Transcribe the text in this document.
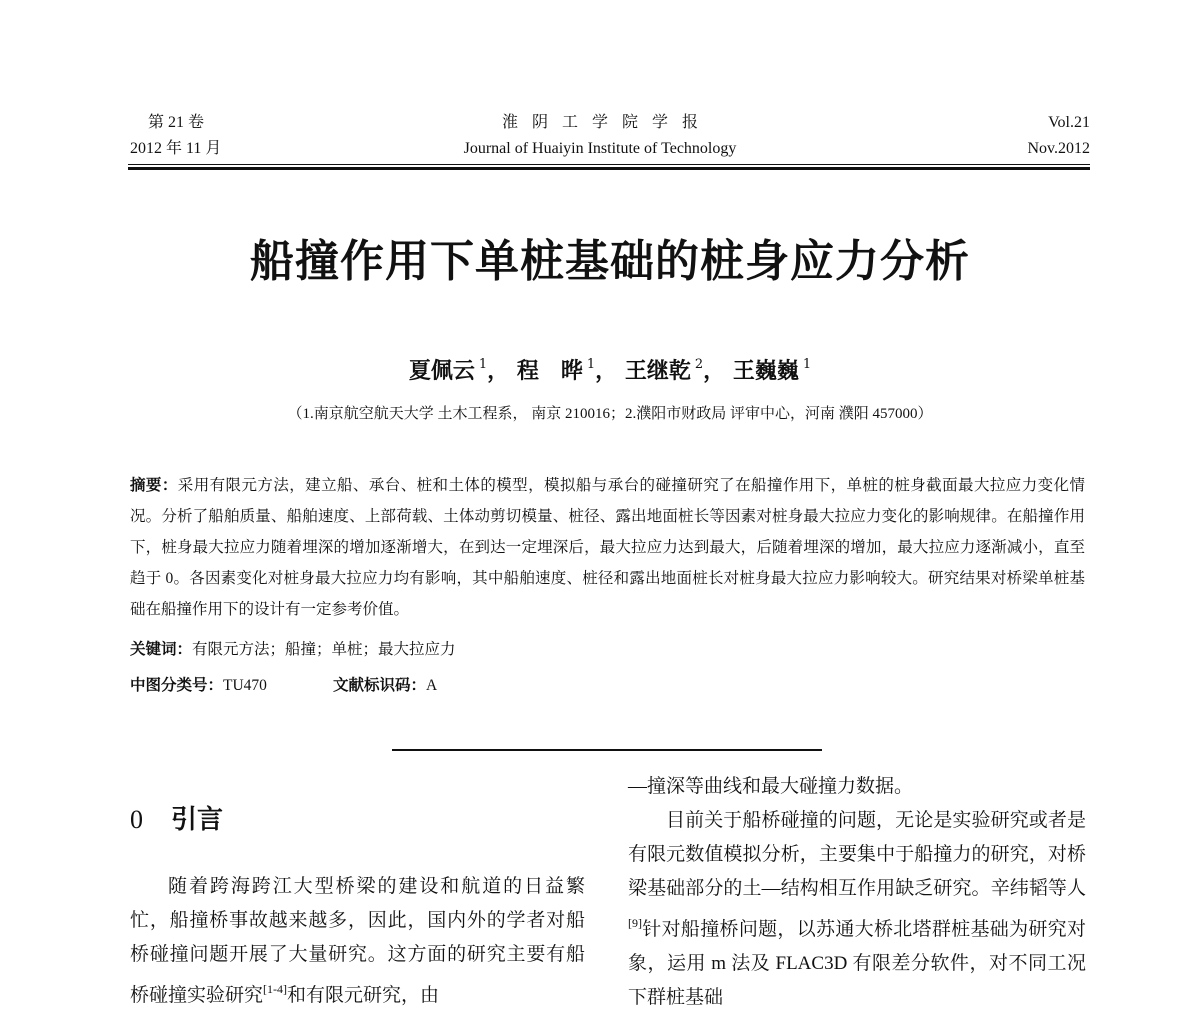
第 21 卷
2012 年 11 月
淮阴工学院学报
Journal of Huaiyin Institute of Technology
Vol.21
Nov.2012
船撞作用下单桩基础的桩身应力分析
夏佩云 $^1$， 程　晔 $^1$， 王继乾 $^2$， 王巍巍 $^1$
（1.南京航空航天大学 土木工程系， 南京 210016；2.濮阳市财政局 评审中心，河南 濮阳 457000）
摘要：采用有限元方法，建立船、承台、桩和土体的模型，模拟船与承台的碰撞研究了在船撞作用下，单桩的桩身截面最大拉应力变化情况。分析了船舶质量、船舶速度、上部荷载、土体动剪切模量、桩径、露出地面桩长等因素对桩身最大拉应力变化的影响规律。在船撞作用下，桩身最大拉应力随着埋深的增加逐渐增大，在到达一定埋深后，最大拉应力达到最大，后随着埋深的增加，最大拉应力逐渐减小，直至趋于 0。各因素变化对桩身最大拉应力均有影响，其中船舶速度、桩径和露出地面桩长对桩身最大拉应力影响较大。研究结果对桥梁单桩基础在船撞作用下的设计有一定参考价值。
关键词：有限元方法；船撞；单桩；最大拉应力
中图分类号：TU470	文献标识码：A
0 引言

随着跨海跨江大型桥梁的建设和航道的日益繁忙，船撞桥事故越来越多，因此，国内外的学者对船桥碰撞问题开展了大量研究。这方面的研究主要有船桥碰撞实验研究[1-4]和有限元研究，由

—撞深等曲线和最大碰撞力数据。

目前关于船桥碰撞的问题，无论是实验研究或者是有限元数值模拟分析，主要集中于船撞力的研究，对桥梁基础部分的土—结构相互作用缺乏研究。辛纬韬等人[9]针对船撞桥问题，以苏通大桥北塔群桩基础为研究对象，运用 m 法及 FLAC3D 有限差分软件，对不同工况下群桩基础
